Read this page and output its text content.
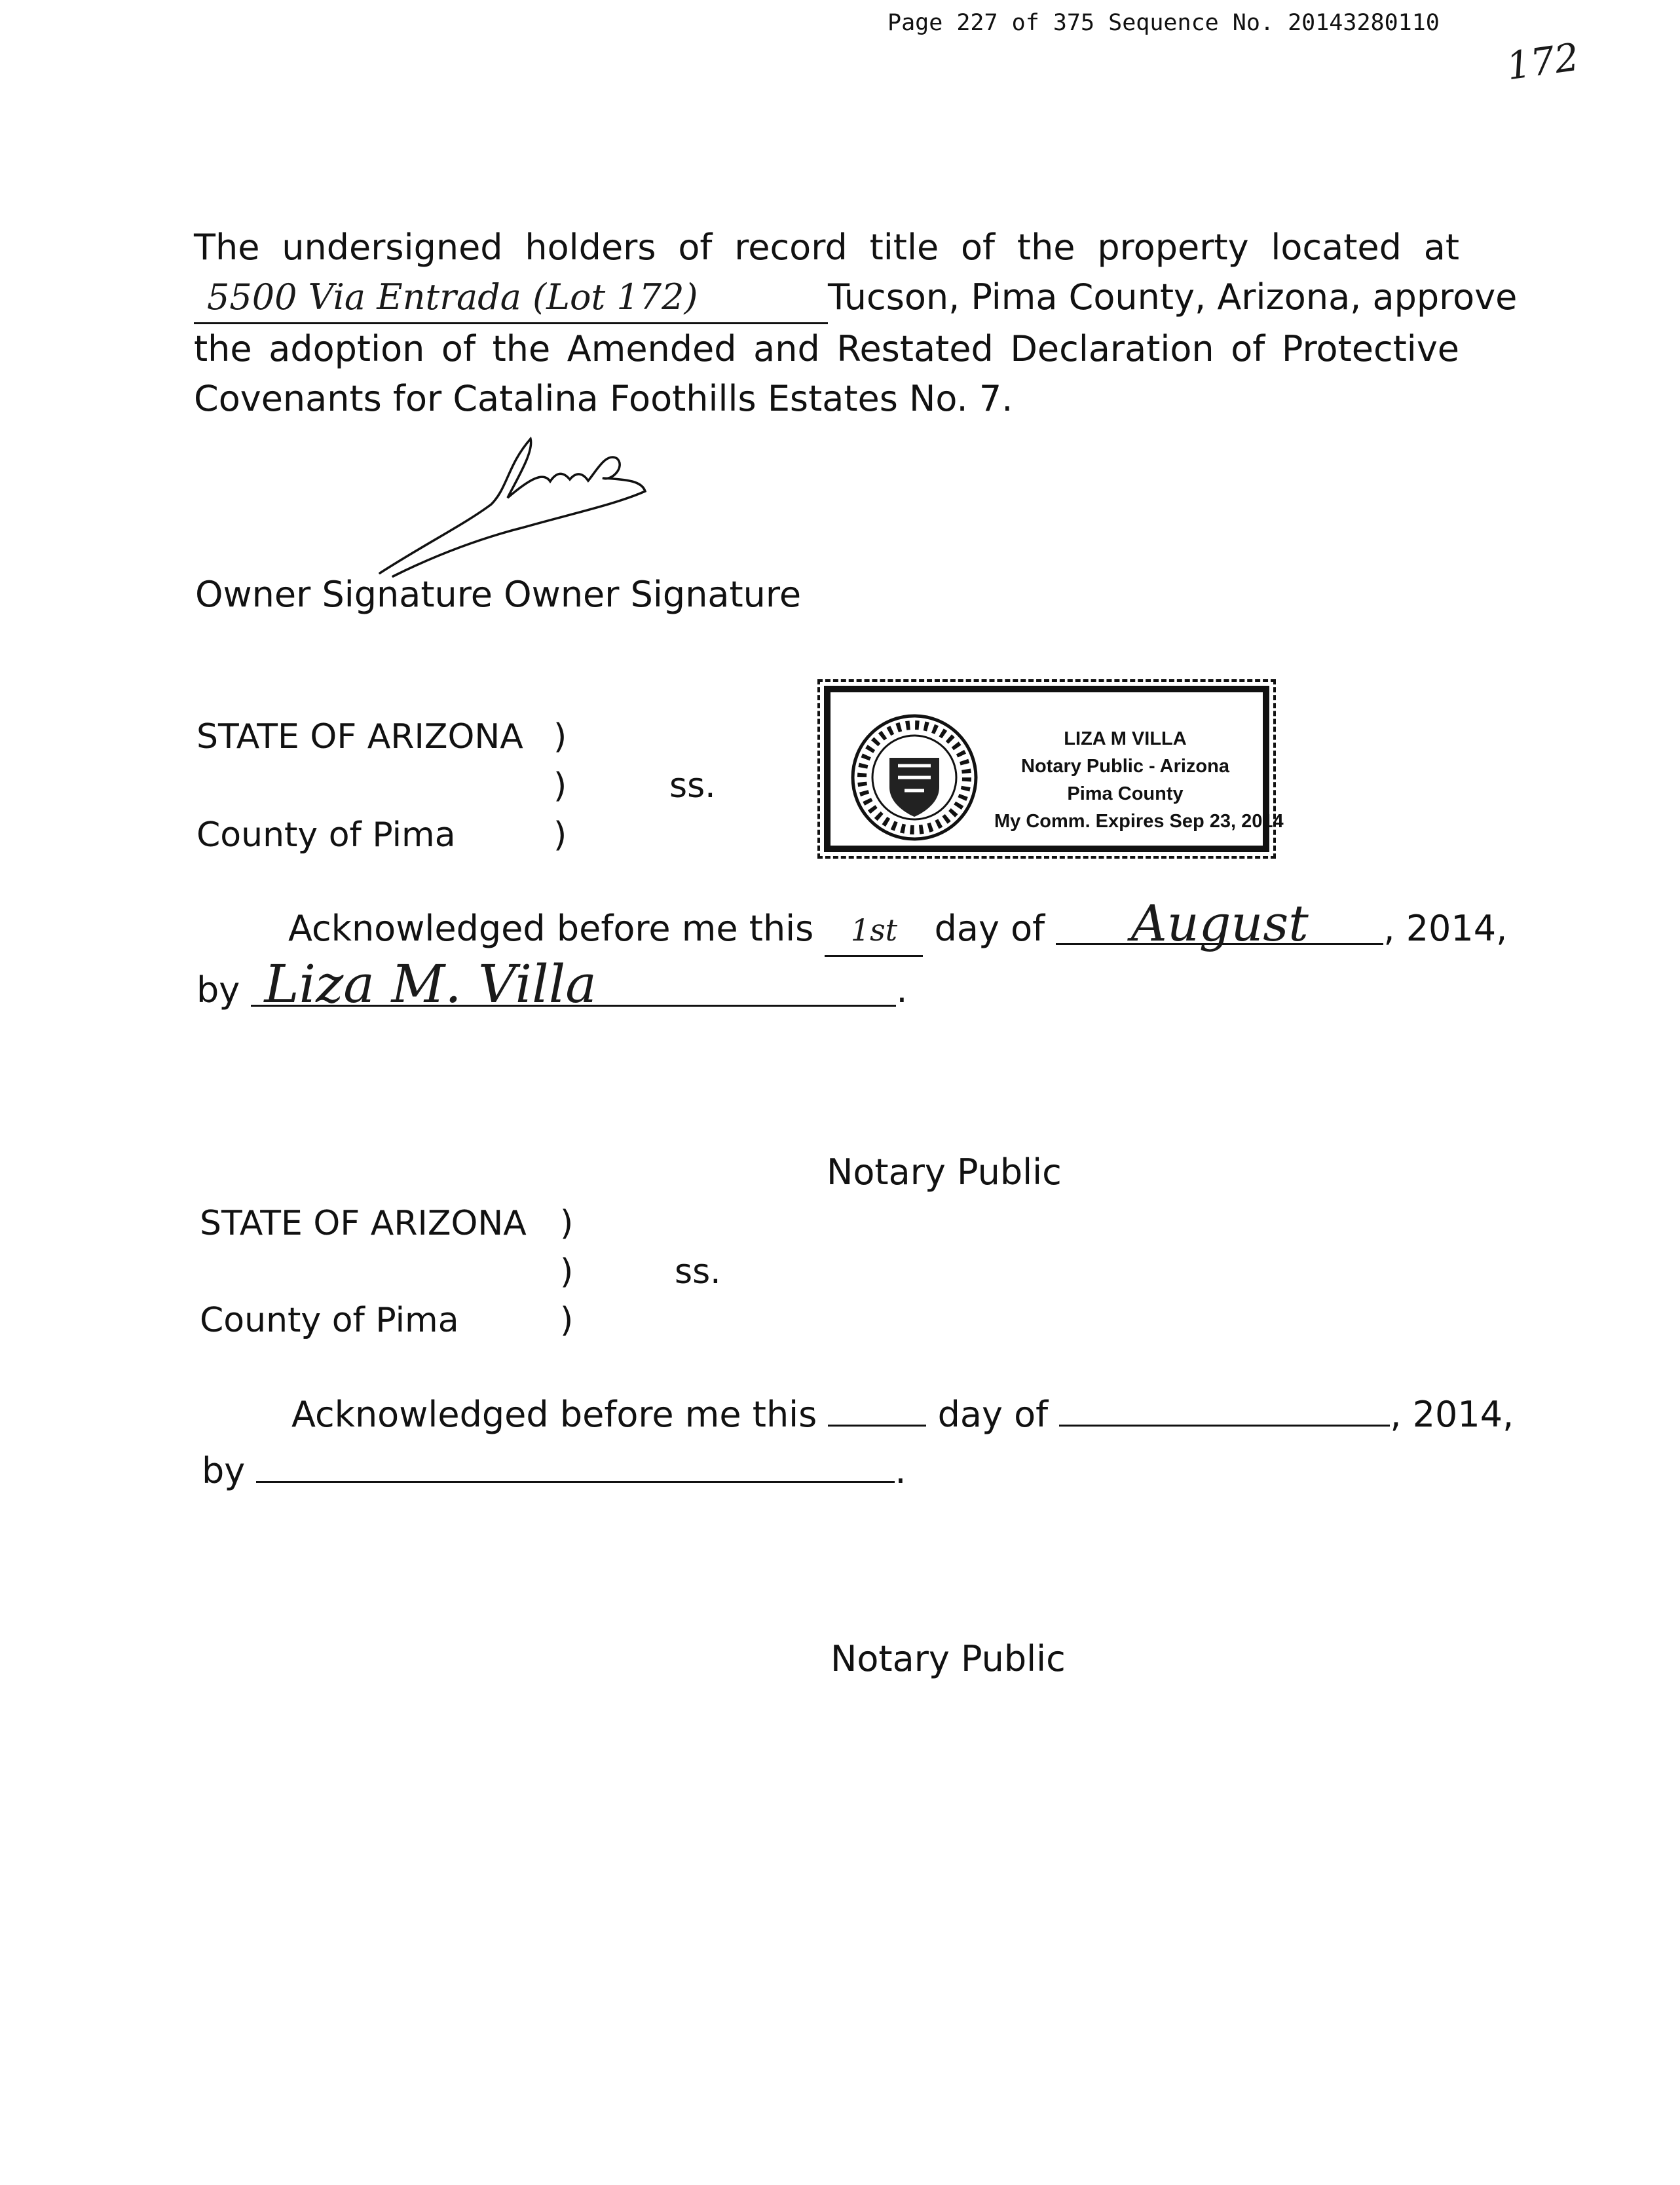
Page 227 of 375 Sequence No. 20143280110
172
The undersigned holders of record title of the property located at
5500 Via Entrada (Lot 172)	Tucson, Pima County, Arizona, approve
the adoption of the Amended and Restated Declaration of Protective
Covenants for Catalina Foothills Estates No. 7.
Owner Signature Owner Signature
STATE OF ARIZONA )
)
)
ss.
County of Pima
LIZA M VILLA
Notary Public - Arizona
Pima County
My Comm. Expires Sep 23, 2014
Acknowledged before me this 1st day of August , 2014,
by Liza M. Villa	.
Notary Public
STATE OF ARIZONA )
)
)
ss.
County of Pima
Acknowledged before me this	day of	, 2014,
by	.
Notary Public
